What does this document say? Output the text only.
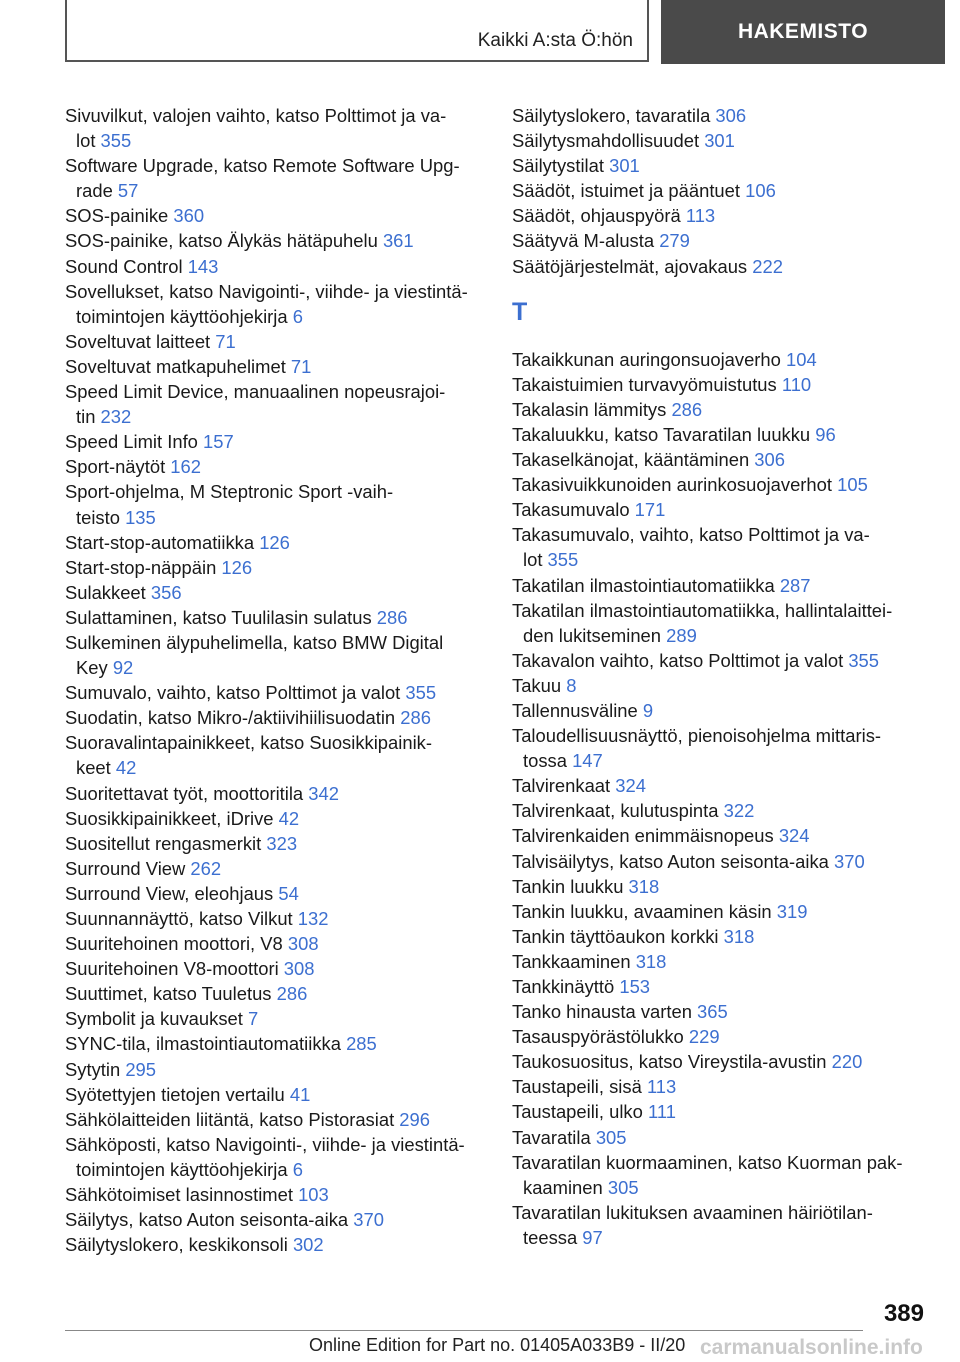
Kaikki A:sta Ö:hön	HAKEMISTO
Sivuvilkut, valojen vaihto, katso Polttimot ja va-
lot 355
Software Upgrade, katso Remote Software Upg-
rade 57
SOS-painike 360
SOS-painike, katso Älykäs hätäpuhelu 361
Sound Control 143
Sovellukset, katso Navigointi-, viihde- ja viestintä-
toimintojen käyttöohjekirja 6
Soveltuvat laitteet 71
Soveltuvat matkapuhelimet 71
Speed Limit Device, manuaalinen nopeusrajoi-
tin 232
Speed Limit Info 157
Sport-näytöt 162
Sport-ohjelma, M Steptronic Sport -vaih-
teisto 135
Start-stop-automatiikka 126
Start-stop-näppäin 126
Sulakkeet 356
Sulattaminen, katso Tuulilasin sulatus 286
Sulkeminen älypuhelimella, katso BMW Digital
Key 92
Sumuvalo, vaihto, katso Polttimot ja valot 355
Suodatin, katso Mikro-/aktiivihiilisuodatin 286
Suoravalintapainikkeet, katso Suosikkipainik-
keet 42
Suoritettavat työt, moottoritila 342
Suosikkipainikkeet, iDrive 42
Suositellut rengasmerkit 323
Surround View 262
Surround View, eleohjaus 54
Suunnannäyttö, katso Vilkut 132
Suuritehoinen moottori, V8 308
Suuritehoinen V8-moottori 308
Suuttimet, katso Tuuletus 286
Symbolit ja kuvaukset 7
SYNC-tila, ilmastointiautomatiikka 285
Sytytin 295
Syötettyjen tietojen vertailu 41
Sähkölaitteiden liitäntä, katso Pistorasiat 296
Sähköposti, katso Navigointi-, viihde- ja viestintä-
toimintojen käyttöohjekirja 6
Sähkötoimiset lasinnostimet 103
Säilytys, katso Auton seisonta-aika 370
Säilytyslokero, keskikonsoli 302
Säilytyslokero, tavaratila 306
Säilytysmahdollisuudet 301
Säilytystilat 301
Säädöt, istuimet ja pääntuet 106
Säädöt, ohjauspyörä 113
Säätyvä M-alusta 279
Säätöjärjestelmät, ajovakaus 222
T
Takaikkunan auringonsuojaverho 104
Takaistuimien turvavyömuistutus 110
Takalasin lämmitys 286
Takaluukku, katso Tavaratilan luukku 96
Takaselkänojat, kääntäminen 306
Takasivuikkunoiden aurinkosuojaverhot 105
Takasumuvalo 171
Takasumuvalo, vaihto, katso Polttimot ja va-
lot 355
Takatilan ilmastointiautomatiikka 287
Takatilan ilmastointiautomatiikka, hallintalaittei-
den lukitseminen 289
Takavalon vaihto, katso Polttimot ja valot 355
Takuu 8
Tallennusväline 9
Taloudellisuusnäyttö, pienoisohjelma mittaris-
tossa 147
Talvirenkaat 324
Talvirenkaat, kulutuspinta 322
Talvirenkaiden enimmäisnopeus 324
Talvisäilytys, katso Auton seisonta-aika 370
Tankin luukku 318
Tankin luukku, avaaminen käsin 319
Tankin täyttöaukon korkki 318
Tankkaaminen 318
Tankkinäyttö 153
Tanko hinausta varten 365
Tasauspyörästölukko 229
Taukosuositus, katso Vireystila-avustin 220
Taustapeili, sisä 113
Taustapeili, ulko 111
Tavaratila 305
Tavaratilan kuormaaminen, katso Kuorman pak-
kaaminen 305
Tavaratilan lukituksen avaaminen häiriötilan-
teessa 97
389
Online Edition for Part no. 01405A033B9 - II/20 carmanualsonline.info
